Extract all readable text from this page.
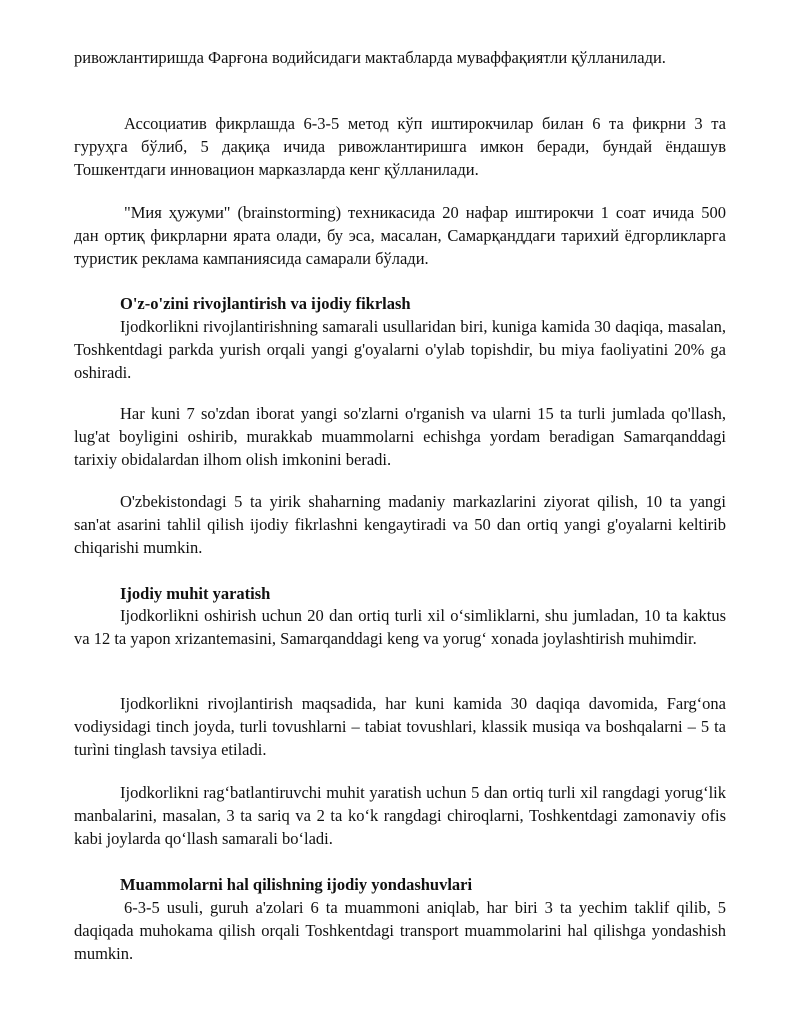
ривожлантиришда Фарғона водийсидаги мактабларда муваффақиятли қўлланилади.

Ассоциатив фикрлашда 6-3-5 метод кўп иштирокчилар билан 6 та фикрни 3 та гуруҳга бўлиб, 5 дақиқа ичида ривожлантиришга имкон беради, бундай ёндашув Тошкентдаги инновацион марказларда кенг қўлланилади.

"Мия ҳужуми" (brainstorming) техникасида 20 нафар иштирокчи 1 соат ичида 500 дан ортиқ фикрларни ярата олади, бу эса, масалан, Самарқанддаги тарихий ёдгорликларга туристик реклама кампаниясида самарали бўлади.

O'z-o'zini rivojlantirish va ijodiy fikrlash

Ijodkorlikni rivojlantirishning samarali usullaridan biri, kuniga kamida 30 daqiqa, masalan, Toshkentdagi parkda yurish orqali yangi g'oyalarni o'ylab topishdir, bu miya faoliyatini 20% ga oshiradi.

Har kuni 7 so'zdan iborat yangi so'zlarni o'rganish va ularni 15 ta turli jumlada qo'llash, lug'at boyligini oshirib, murakkab muammolarni echishga yordam beradigan Samarqanddagi tarixiy obidalardan ilhom olish imkonini beradi.

O'zbekistondagi 5 ta yirik shaharning madaniy markazlarini ziyorat qilish, 10 ta yangi san'at asarini tahlil qilish ijodiy fikrlashni kengaytiradi va 50 dan ortiq yangi g'oyalarni keltirib chiqarishi mumkin.

Ijodiy muhit yaratish

Ijodkorlikni oshirish uchun 20 dan ortiq turli xil o‘simliklarni, shu jumladan, 10 ta kaktus va 12 ta yapon xrizantemasini, Samarqanddagi keng va yorug‘ xonada joylashtirish muhimdir.

Ijodkorlikni rivojlantirish maqsadida, har kuni kamida 30 daqiqa davomida, Farg‘ona vodiysidagi tinch joyda, turli tovushlarni – tabiat tovushlari, klassik musiqa va boshqalarni – 5 ta turìni tinglash tavsiya etiladi.

Ijodkorlikni rag‘batlantiruvchi muhit yaratish uchun 5 dan ortiq turli xil rangdagi yorug‘lik manbalarini, masalan, 3 ta sariq va 2 ta ko‘k rangdagi chiroqlarni, Toshkentdagi zamonaviy ofis kabi joylarda qo‘llash samarali bo‘ladi.

Muammolarni hal qilishning ijodiy yondashuvlari

6-3-5 usuli, guruh a'zolari 6 ta muammoni aniqlab, har biri 3 ta yechim taklif qilib, 5 daqiqada muhokama qilish orqali Toshkentdagi transport muammolarini hal qilishga yondashish mumkin.
